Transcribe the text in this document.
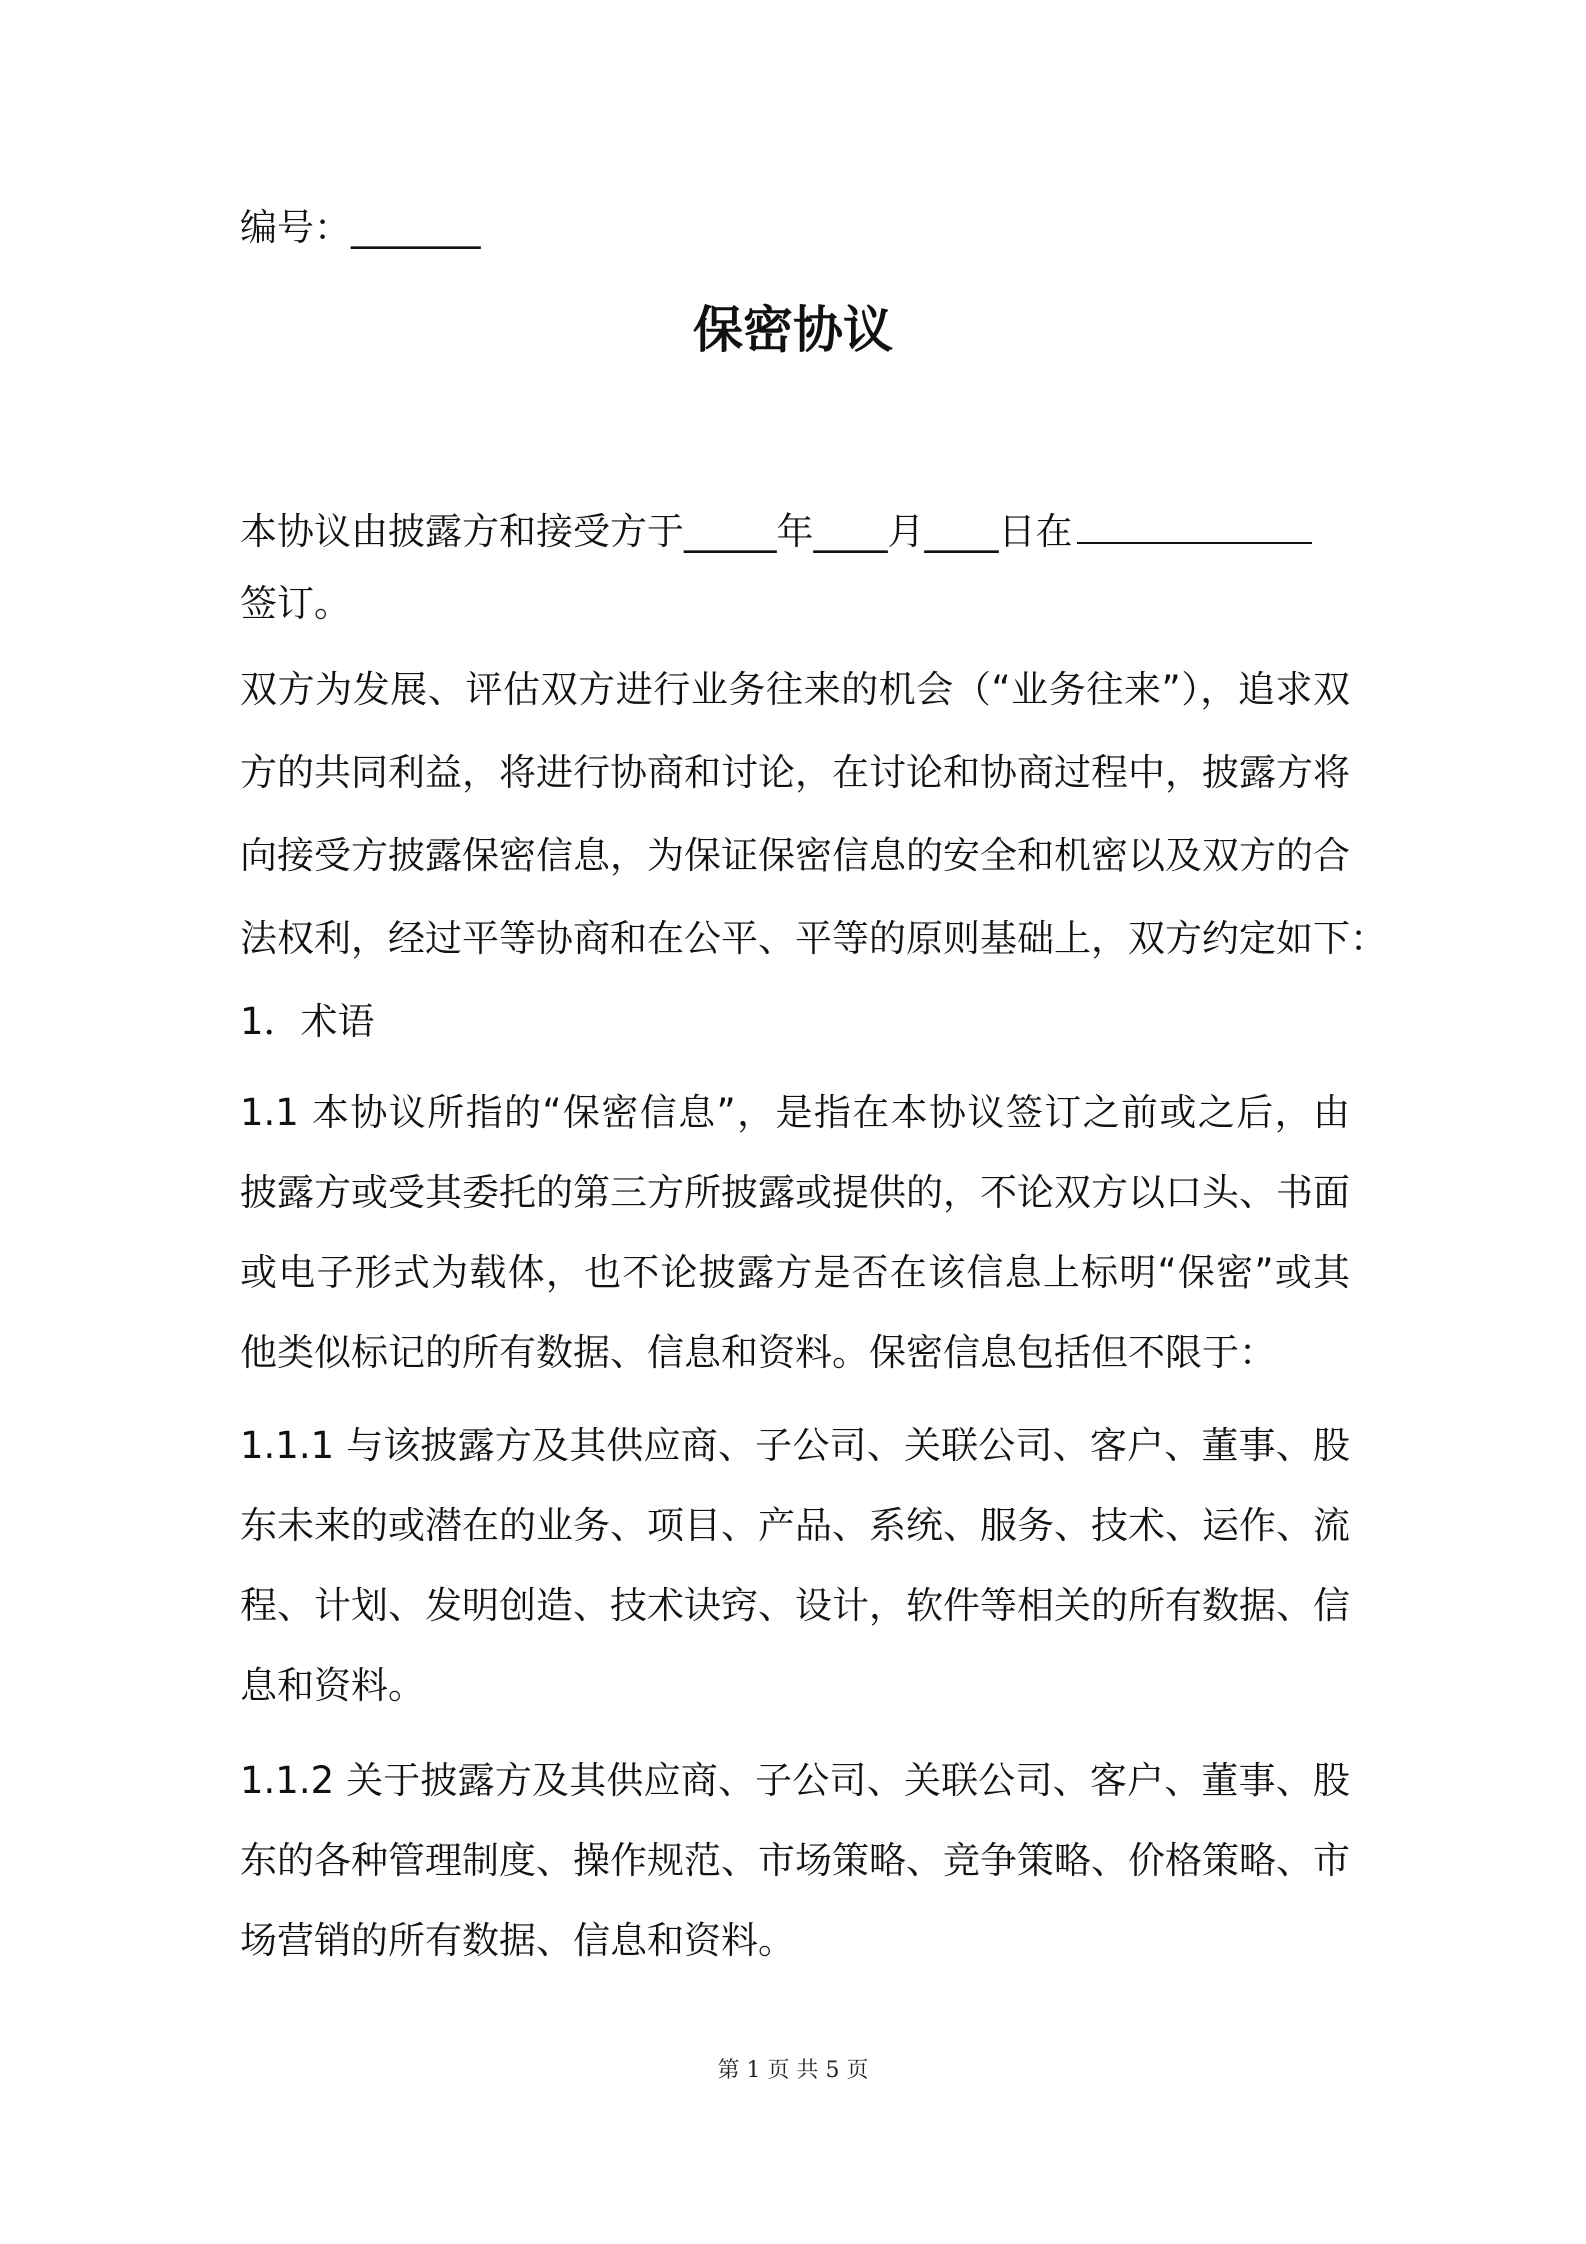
编号：_______
保密协议
本协议由披露方和接受方于_____年____月____日在
签订。
双方为发展、评估双方进行业务往来的机会（“业务往来”），追求双
方的共同利益，将进行协商和讨论，在讨论和协商过程中，披露方将
向接受方披露保密信息，为保证保密信息的安全和机密以及双方的合
法权利，经过平等协商和在公平、平等的原则基础上，双方约定如下：
1．术语
1.1 本协议所指的“保密信息”，是指在本协议签订之前或之后，由
披露方或受其委托的第三方所披露或提供的，不论双方以口头、书面
或电子形式为载体，也不论披露方是否在该信息上标明“保密”或其
他类似标记的所有数据、信息和资料。保密信息包括但不限于：
1.1.1 与该披露方及其供应商、子公司、关联公司、客户、董事、股
东未来的或潜在的业务、项目、产品、系统、服务、技术、运作、流
程、计划、发明创造、技术诀窍、设计，软件等相关的所有数据、信
息和资料。
1.1.2 关于披露方及其供应商、子公司、关联公司、客户、董事、股
东的各种管理制度、操作规范、市场策略、竞争策略、价格策略、市
场营销的所有数据、信息和资料。
第 1 页 共 5 页
